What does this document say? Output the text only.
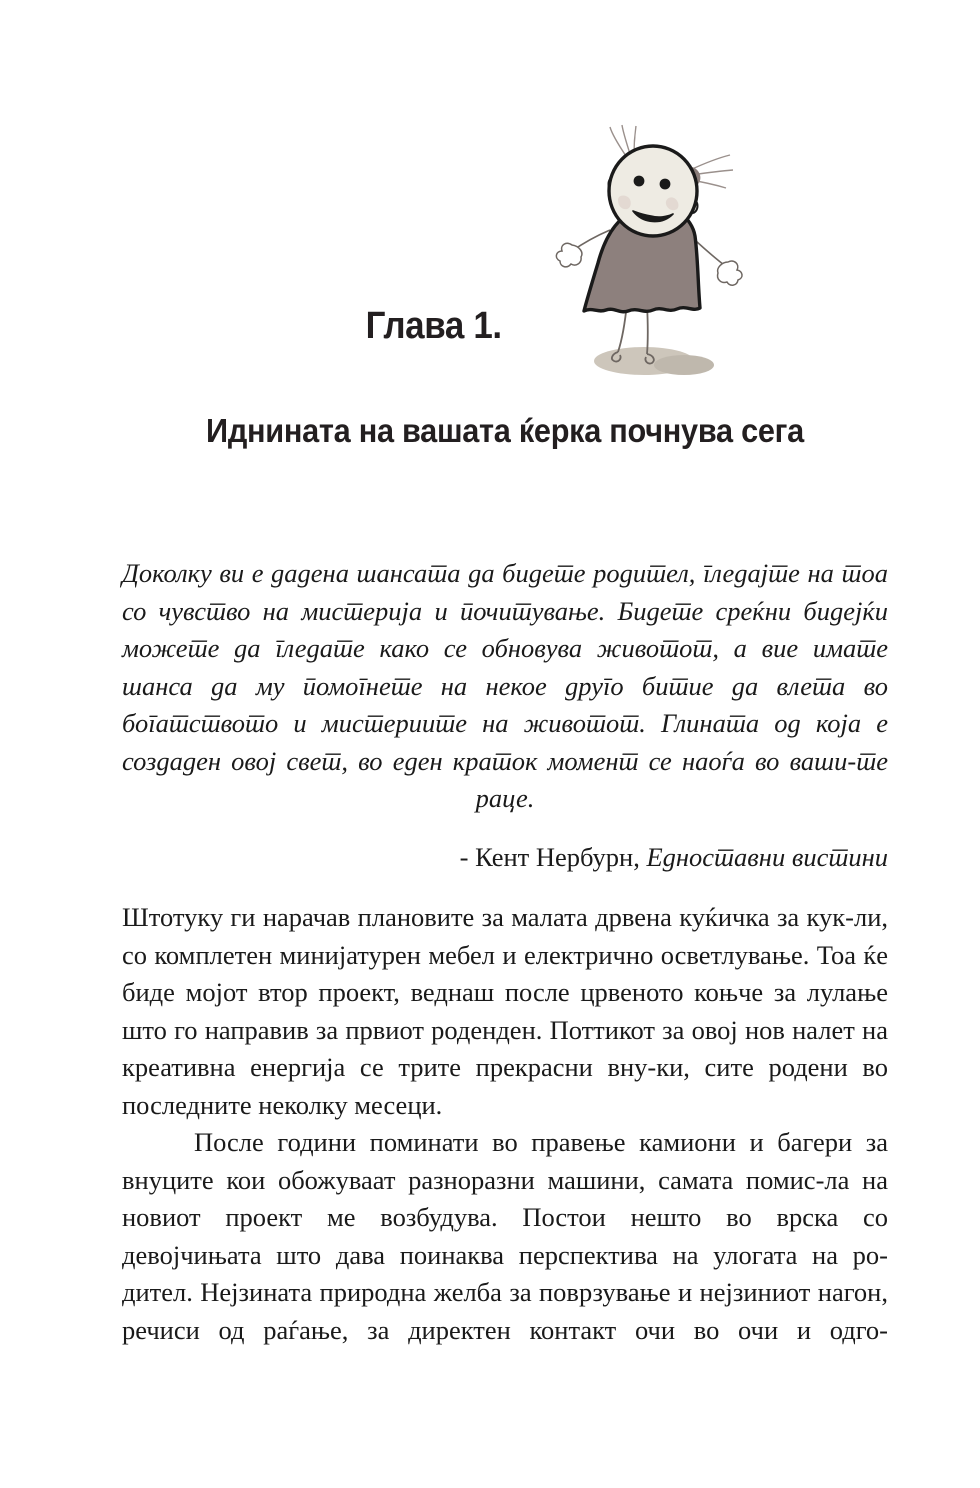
Глава 1.
Иднината на вашата ќерка почнува сега
Доколку ви е дадена шансата да бидете родител, гледајте на тоа со чувство на мистерија и почитување. Бидете среќни бидејќи можете да гледате како се обновува животот, а вие имате шанса да му помогнете на некое друго битие да влета во богатството и мистериите на животот. Глината од која е создаден овој свет, во еден краток момент се наоѓа во ваши-те раце.

- Кент Нербурн, Едноставни вистини

Штотуку ги нарачав плановите за малата дрвена куќичка за кук-ли, со комплетен минијатурен мебел и електрично осветлување. Тоа ќе биде мојот втор проект, веднаш после црвеното коњче за лулање што го направив за првиот роденден. Поттикот за овој нов налет на креативна енергија се трите прекрасни вну-ки, сите родени во последните неколку месеци.

После години поминати во правење камиони и багери за внуците кои обожуваат разноразни машини, самата помис-ла на новиот проект ме возбудува. Постои нешто во врска со девојчињата што дава поинаква перспектива на улогата на ро-дител. Нејзината природна желба за поврзување и нејзиниот нагон, речиси од раѓање, за директен контакт очи во очи и одго-
